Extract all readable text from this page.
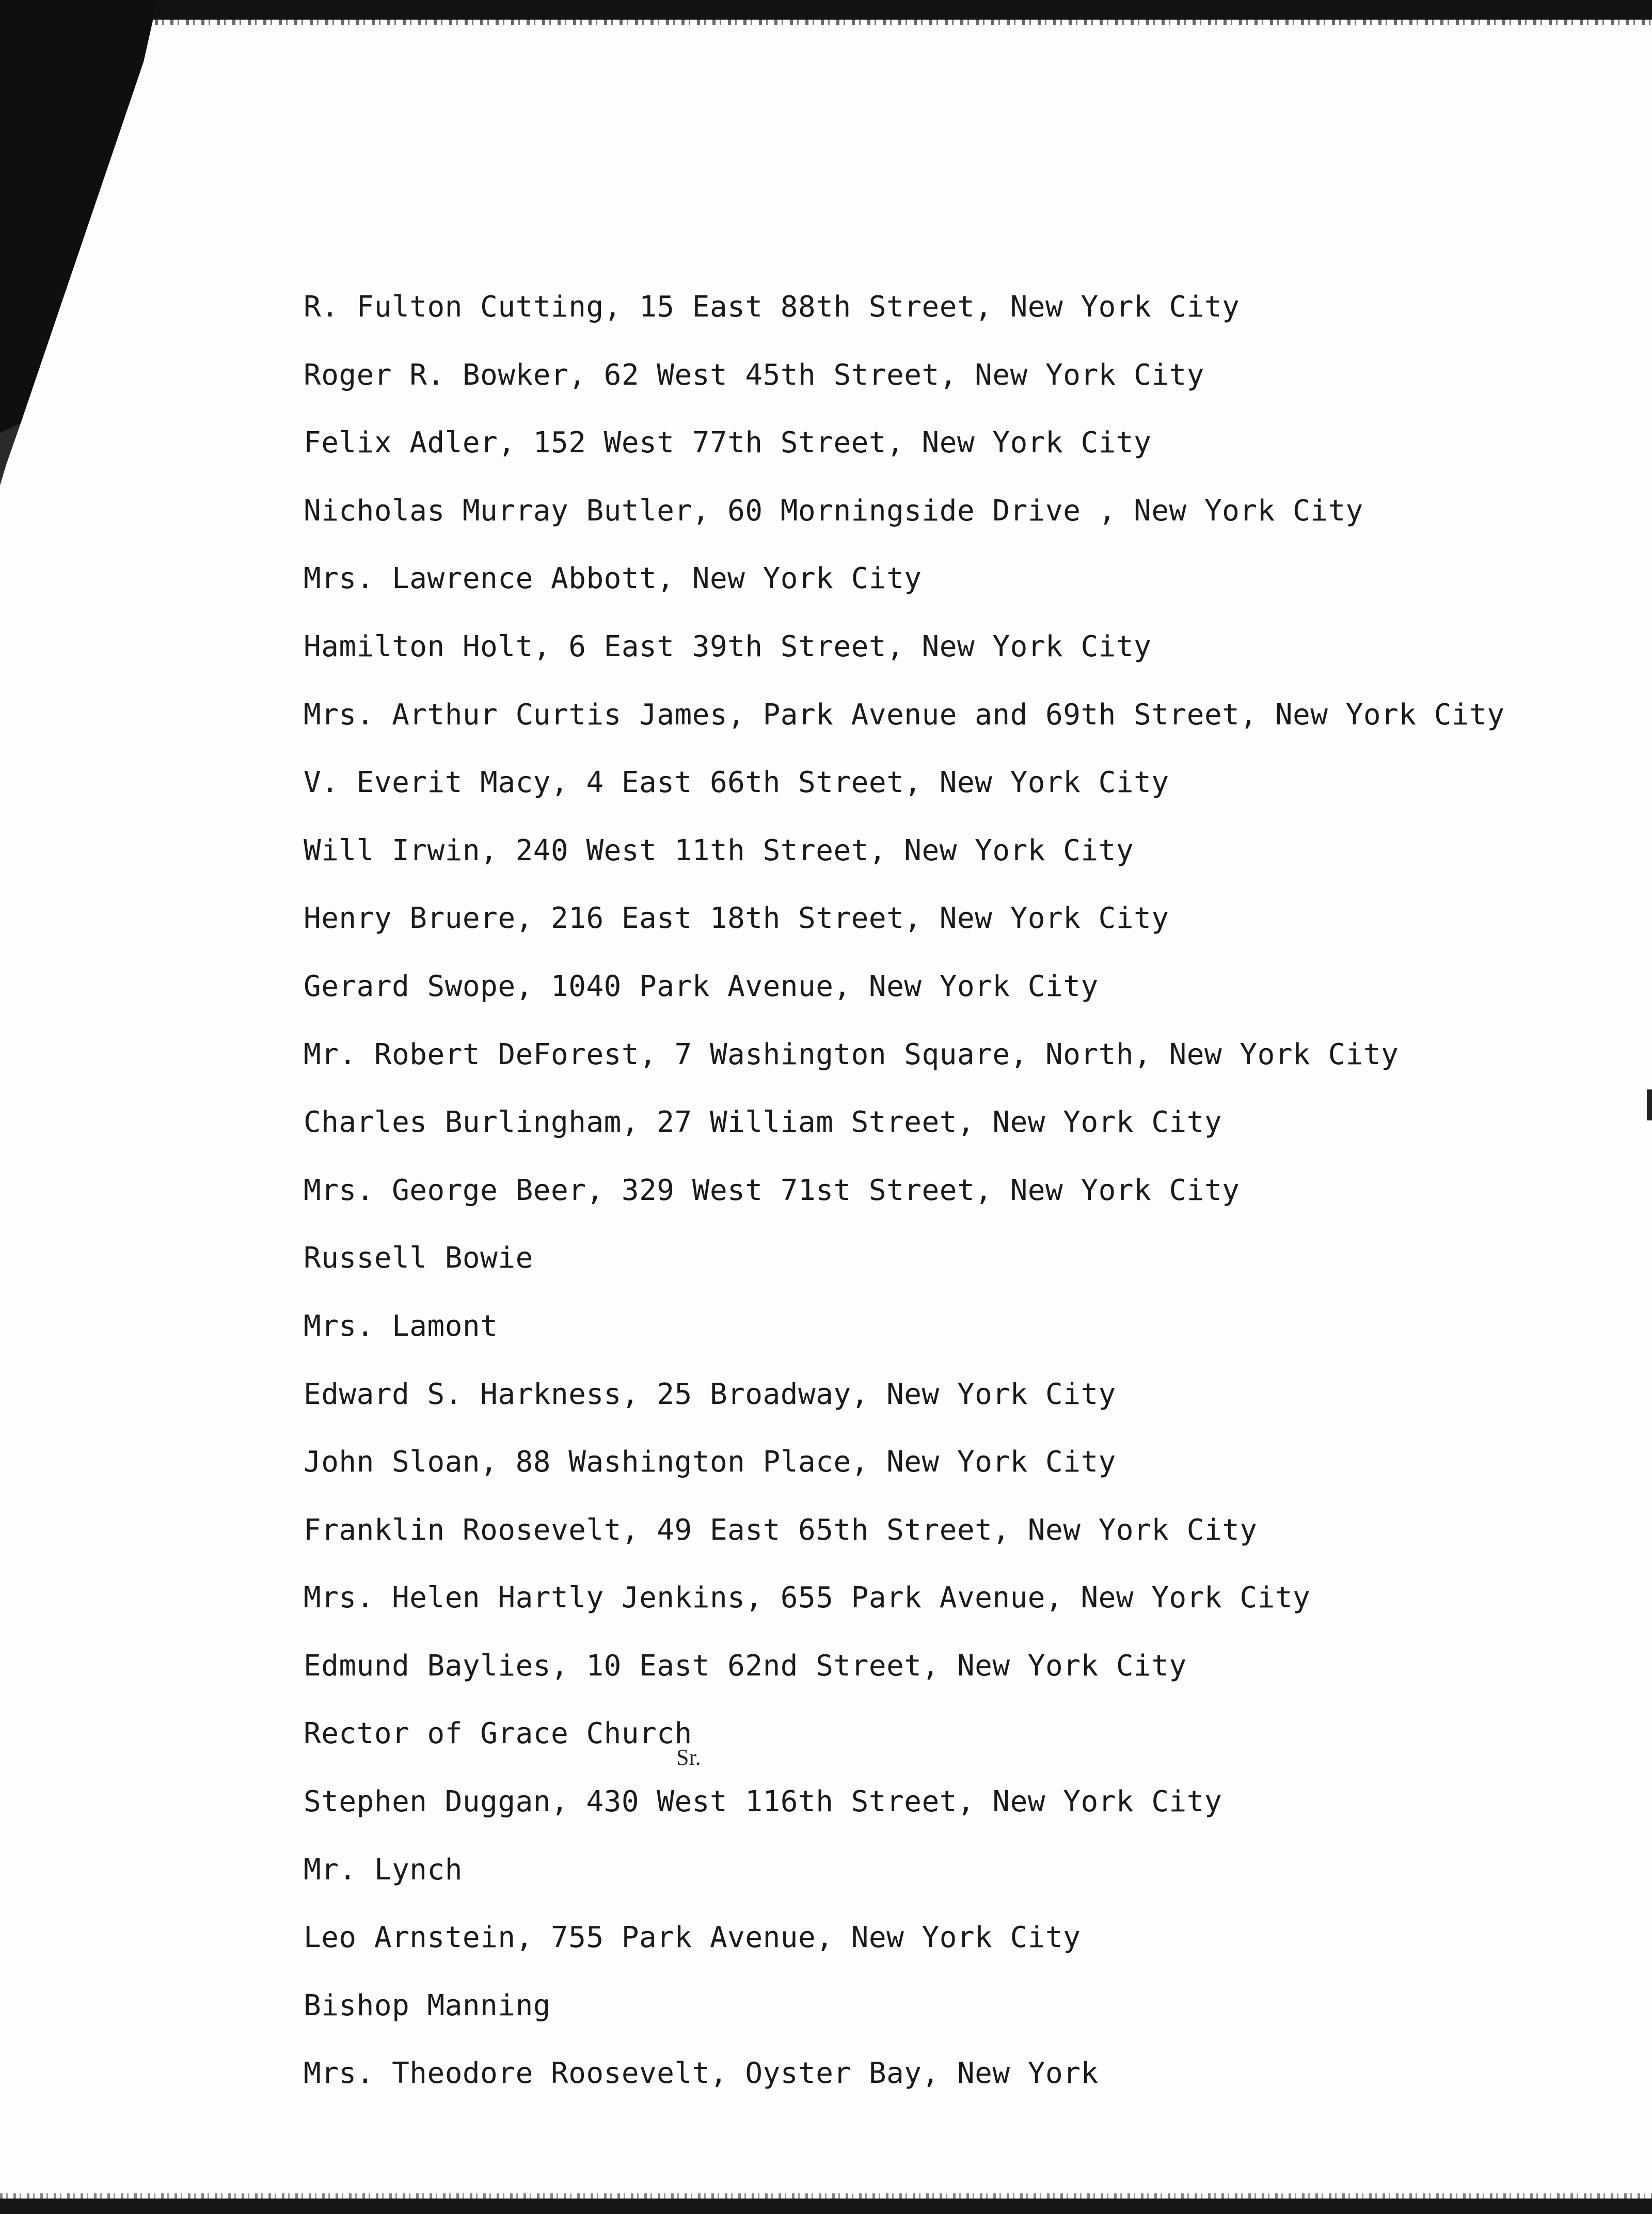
R. Fulton Cutting, 15 East 88th Street, New York City
Roger R. Bowker, 62 West 45th Street, New York City
Felix Adler, 152 West 77th Street, New York City
Nicholas Murray Butler, 60 Morningside Drive , New York City
Mrs. Lawrence Abbott, New York City
Hamilton Holt, 6 East 39th Street, New York City
Mrs. Arthur Curtis James, Park Avenue and 69th Street, New York City
V. Everit Macy, 4 East 66th Street, New York City
Will Irwin, 240 West 11th Street, New York City
Henry Bruere, 216 East 18th Street, New York City
Gerard Swope, 1040 Park Avenue, New York City
Mr. Robert DeForest, 7 Washington Square, North, New York City
Charles Burlingham, 27 William Street, New York City
Mrs. George Beer, 329 West 71st Street, New York City
Russell Bowie
Mrs. Lamont
Edward S. Harkness, 25 Broadway, New York City
John Sloan, 88 Washington Place, New York City
Franklin Roosevelt, 49 East 65th Street, New York City
Mrs. Helen Hartly Jenkins, 655 Park Avenue, New York City
Edmund Baylies, 10 East 62nd Street, New York City
Rector of Grace Church
Stephen Duggan, 430 West 116th Street, New York City
Mr. Lynch
Leo Arnstein, 755 Park Avenue, New York City
Bishop Manning
Mrs. Theodore Roosevelt, Oyster Bay, New York
Sr.
